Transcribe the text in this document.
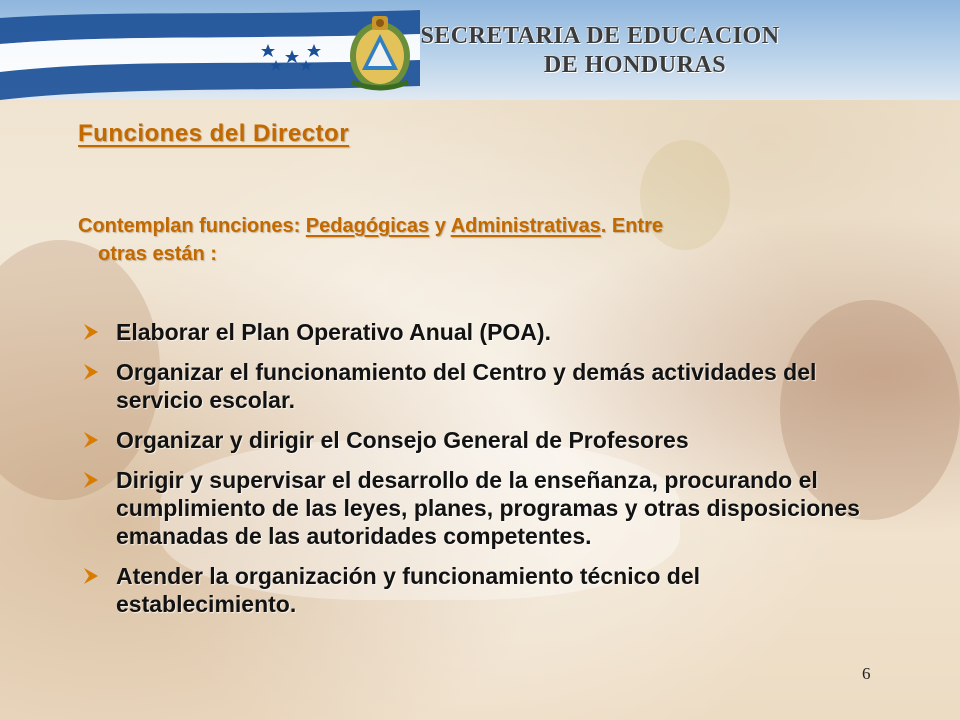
SECRETARIA DE EDUCACION
DE HONDURAS
Funciones del Director
Contemplan funciones: Pedagógicas y Administrativas. Entre
otras están :
Elaborar el Plan Operativo Anual (POA).
Organizar el funcionamiento del Centro y demás actividades del servicio escolar.
Organizar y dirigir el Consejo General de Profesores
Dirigir y supervisar el desarrollo de la enseñanza, procurando el cumplimiento de las leyes, planes, programas y otras disposiciones emanadas de las autoridades competentes.
Atender la organización y funcionamiento técnico del establecimiento.
6
